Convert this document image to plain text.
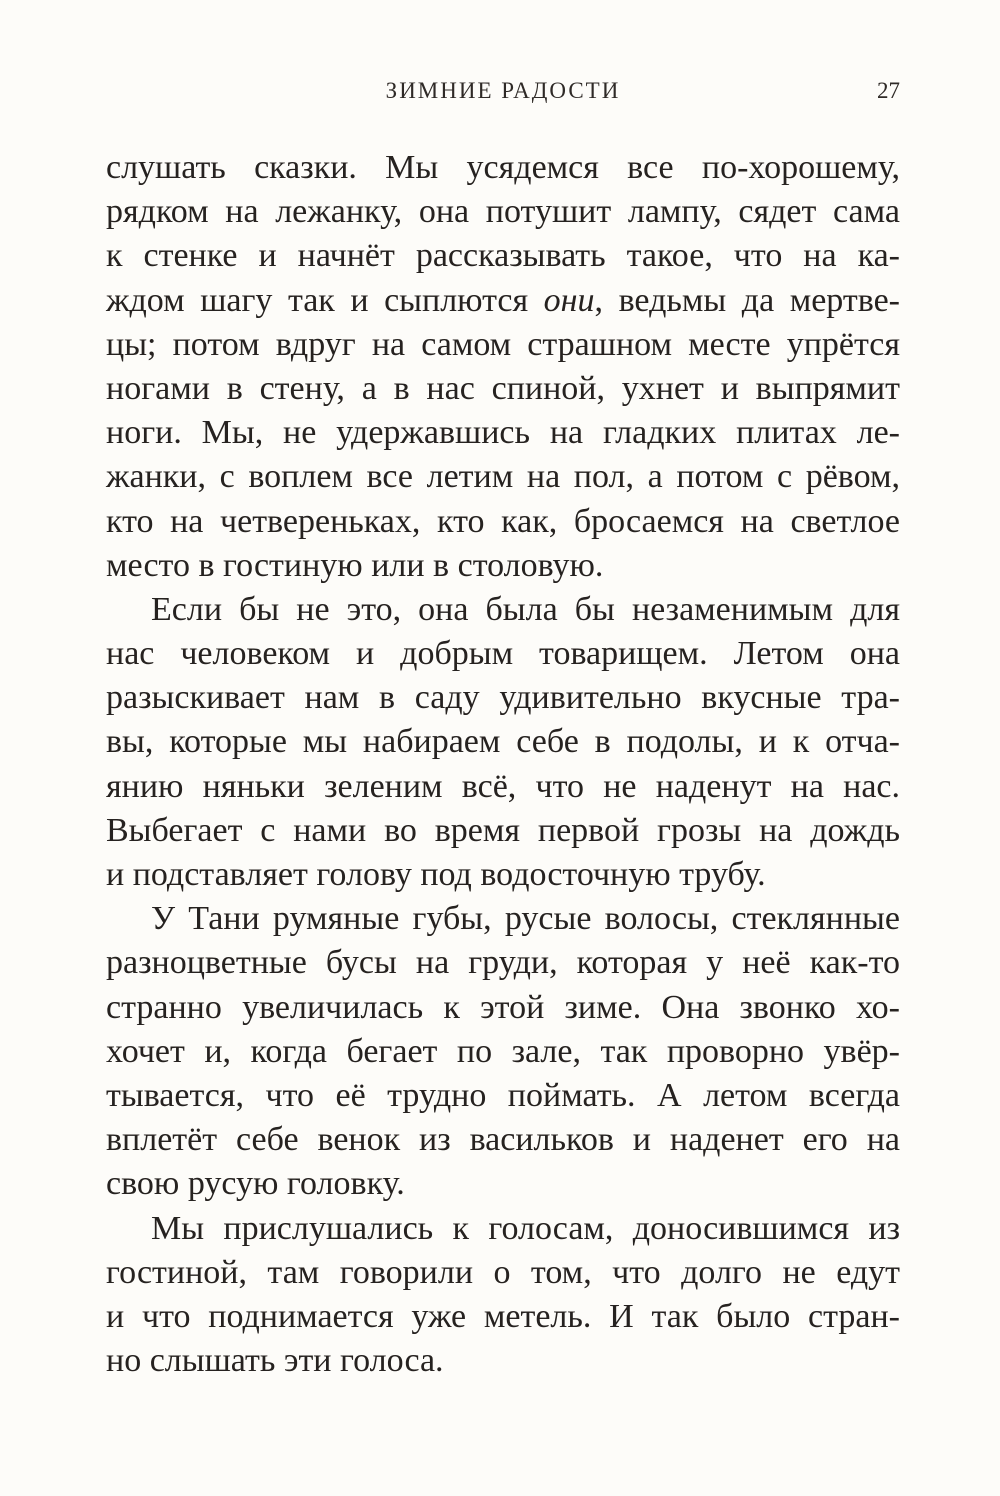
ЗИМНИЕ РАДОСТИ	27
слушать сказки. Мы усядемся все по-хорошему,
рядком на лежанку, она потушит лампу, сядет сама
к стенке и начнёт рассказывать такое, что на ка-
ждом шагу так и сыплются они, ведьмы да мертве-
цы; потом вдруг на самом страшном месте упрётся
ногами в стену, а в нас спиной, ухнет и выпрямит
ноги. Мы, не удержавшись на гладких плитах ле-
жанки, с воплем все летим на пол, а потом с рёвом,
кто на четвереньках, кто как, бросаемся на светлое
место в гостиную или в столовую.
Если бы не это, она была бы незаменимым для
нас человеком и добрым товарищем. Летом она
разыскивает нам в саду удивительно вкусные тра-
вы, которые мы набираем себе в подолы, и к отча-
янию няньки зеленим всё, что не наденут на нас.
Выбегает с нами во время первой грозы на дождь
и подставляет голову под водосточную трубу.
У Тани румяные губы, русые волосы, стеклянные
разноцветные бусы на груди, которая у неё как-то
странно увеличилась к этой зиме. Она звонко хо-
хочет и, когда бегает по зале, так проворно увёр-
тывается, что её трудно поймать. А летом всегда
вплетёт себе венок из васильков и наденет его на
свою русую головку.
Мы прислушались к голосам, доносившимся из
гостиной, там говорили о том, что долго не едут
и что поднимается уже метель. И так было стран-
но слышать эти голоса.
